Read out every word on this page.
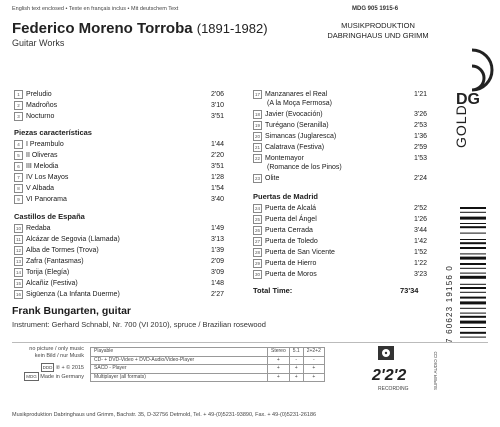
English text enclosed • Texte en français inclus • Mit deutschem Text	MDG 905 1915-6
Federico Moreno Torroba (1891-1982)
Guitar Works
MUSIKPRODUKTION
DABRINGHAUS UND GRIMM
DG
GOLD
1 Preludio	2'06
2 Madroños	3'10
3 Nocturno	3'51
Piezas características
4 I Preambulo	1'44
5 II Oliveras	2'20
6 III Melodia	3'51
7 IV Los Mayos	1'28
8 V Albada	1'54
9 VI Panorama	3'40
Castillos de España
10 Redaba	1'49
11 Alcázar de Segovia (Llamada)	3'13
12 Alba de Tormes (Trova)	1'39
13 Zafra (Fantasmas)	2'09
14 Torija (Elegía)	3'09
15 Alcañiz (Festiva)	1'48
16 Sigüenza (La Infanta Duerme)	2'27
17 Manzanares el Real	1'21
(A la Moça Fermosa)
18 Javier (Evocación)	3'26
19 Turégano (Seranilla)	2'53
20 Simancas (Juglaresca)	1'36
21 Calatrava (Festiva)	2'59
22 Montemayor	1'53
(Romance de los Pinos)
23 Olite	2'24
Puertas de Madrid
24 Puerta de Alcalá	2'52
25 Puerta del Ángel	1'26
26 Puerta Cerrada	3'44
27 Puerta de Toledo	1'42
28 Puerta de San Vicente	1'52
29 Puerta de Hierro	1'22
30 Puerta de Moros	3'23
Total Time:	73'34
Frank Bungarten, guitar
Instrument: Gerhard Schnabl, Nr. 700 (VI 2010), spruce / Brazilian rosewood	7 60623 19156 0
no picture / only music
kein Bild / nur Musik
DDD ℗ + © 2015
MDG Made in Germany
Playable	Stereo	5.1	2+2+2
CD- + DVD-Video + DVD-Audio/Video-Player	+	-	-
SACD - Player	+	+	+
Multiplayer (all formats)	+	+	+	2'2'2
RECORDING	SUPER AUDIO CD
Musikproduktion Dabringhaus und Grimm, Bachstr. 35, D-32756 Detmold, Tel. + 49-(0)5231-93890, Fax. + 49-(0)5231-26186
